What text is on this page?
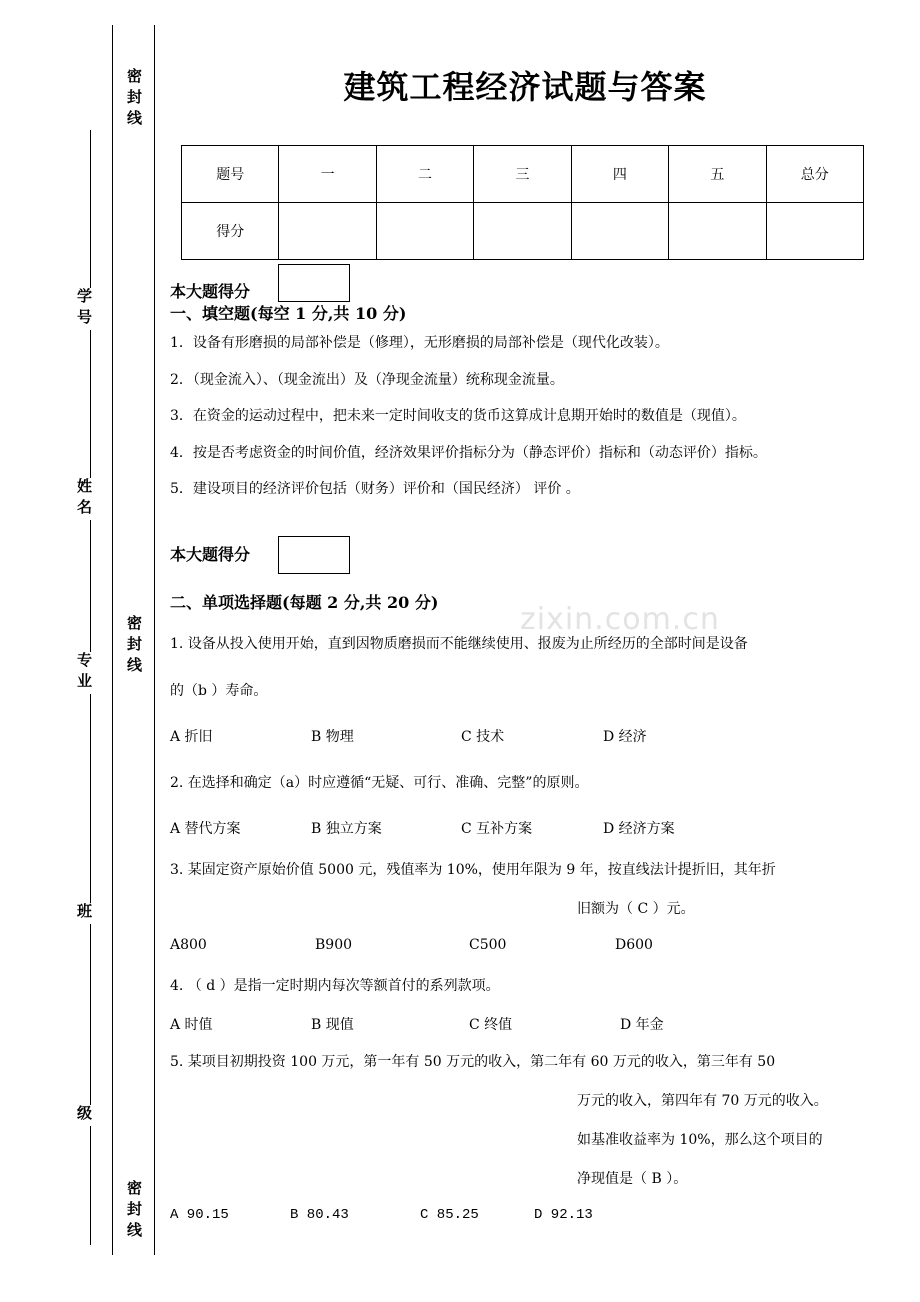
密封线
密封线
密封线
学号
姓名
专业
班
级
建筑工程经济试题与答案
题号	一	二	三	四	五	总分
得分						
本大题得分
一、填空题(每空 1 分,共 10 分)
1．设备有形磨损的局部补偿是（修理），无形磨损的局部补偿是（现代化改装）。
2．（现金流入）、（现金流出）及（净现金流量）统称现金流量。
3．在资金的运动过程中，把未来一定时间收支的货币这算成计息期开始时的数值是（现值）。
4．按是否考虑资金的时间价值，经济效果评价指标分为（静态评价）指标和（动态评价）指标。
5．建设项目的经济评价包括（财务）评价和（国民经济） 评价 。
本大题得分
二、单项选择题(每题 2 分,共 20 分)
1. 设备从投入使用开始，直到因物质磨损而不能继续使用、报废为止所经历的全部时间是设备
的（b ）寿命。
A 折旧	B 物理	C 技术	D 经济
2. 在选择和确定（a）时应遵循“无疑、可行、准确、完整”的原则。
A 替代方案	B 独立方案	C 互补方案	D 经济方案
3. 某固定资产原始价值 5000 元，残值率为 10%，使用年限为 9 年，按直线法计提折旧，其年折
旧额为（ C ）元。
A800	B900	C500	D600
4. （ d ）是指一定时期内每次等额首付的系列款项。
A 时值	B 现值	C 终值	D 年金
5. 某项目初期投资 100 万元，第一年有 50 万元的收入，第二年有 60 万元的收入，第三年有 50
万元的收入，第四年有 70 万元的收入。
如基准收益率为 10%，那么这个项目的
净现值是（ B ）。
A 90.15	B 80.43	C 85.25	D 92.13
zixin.com.cn
